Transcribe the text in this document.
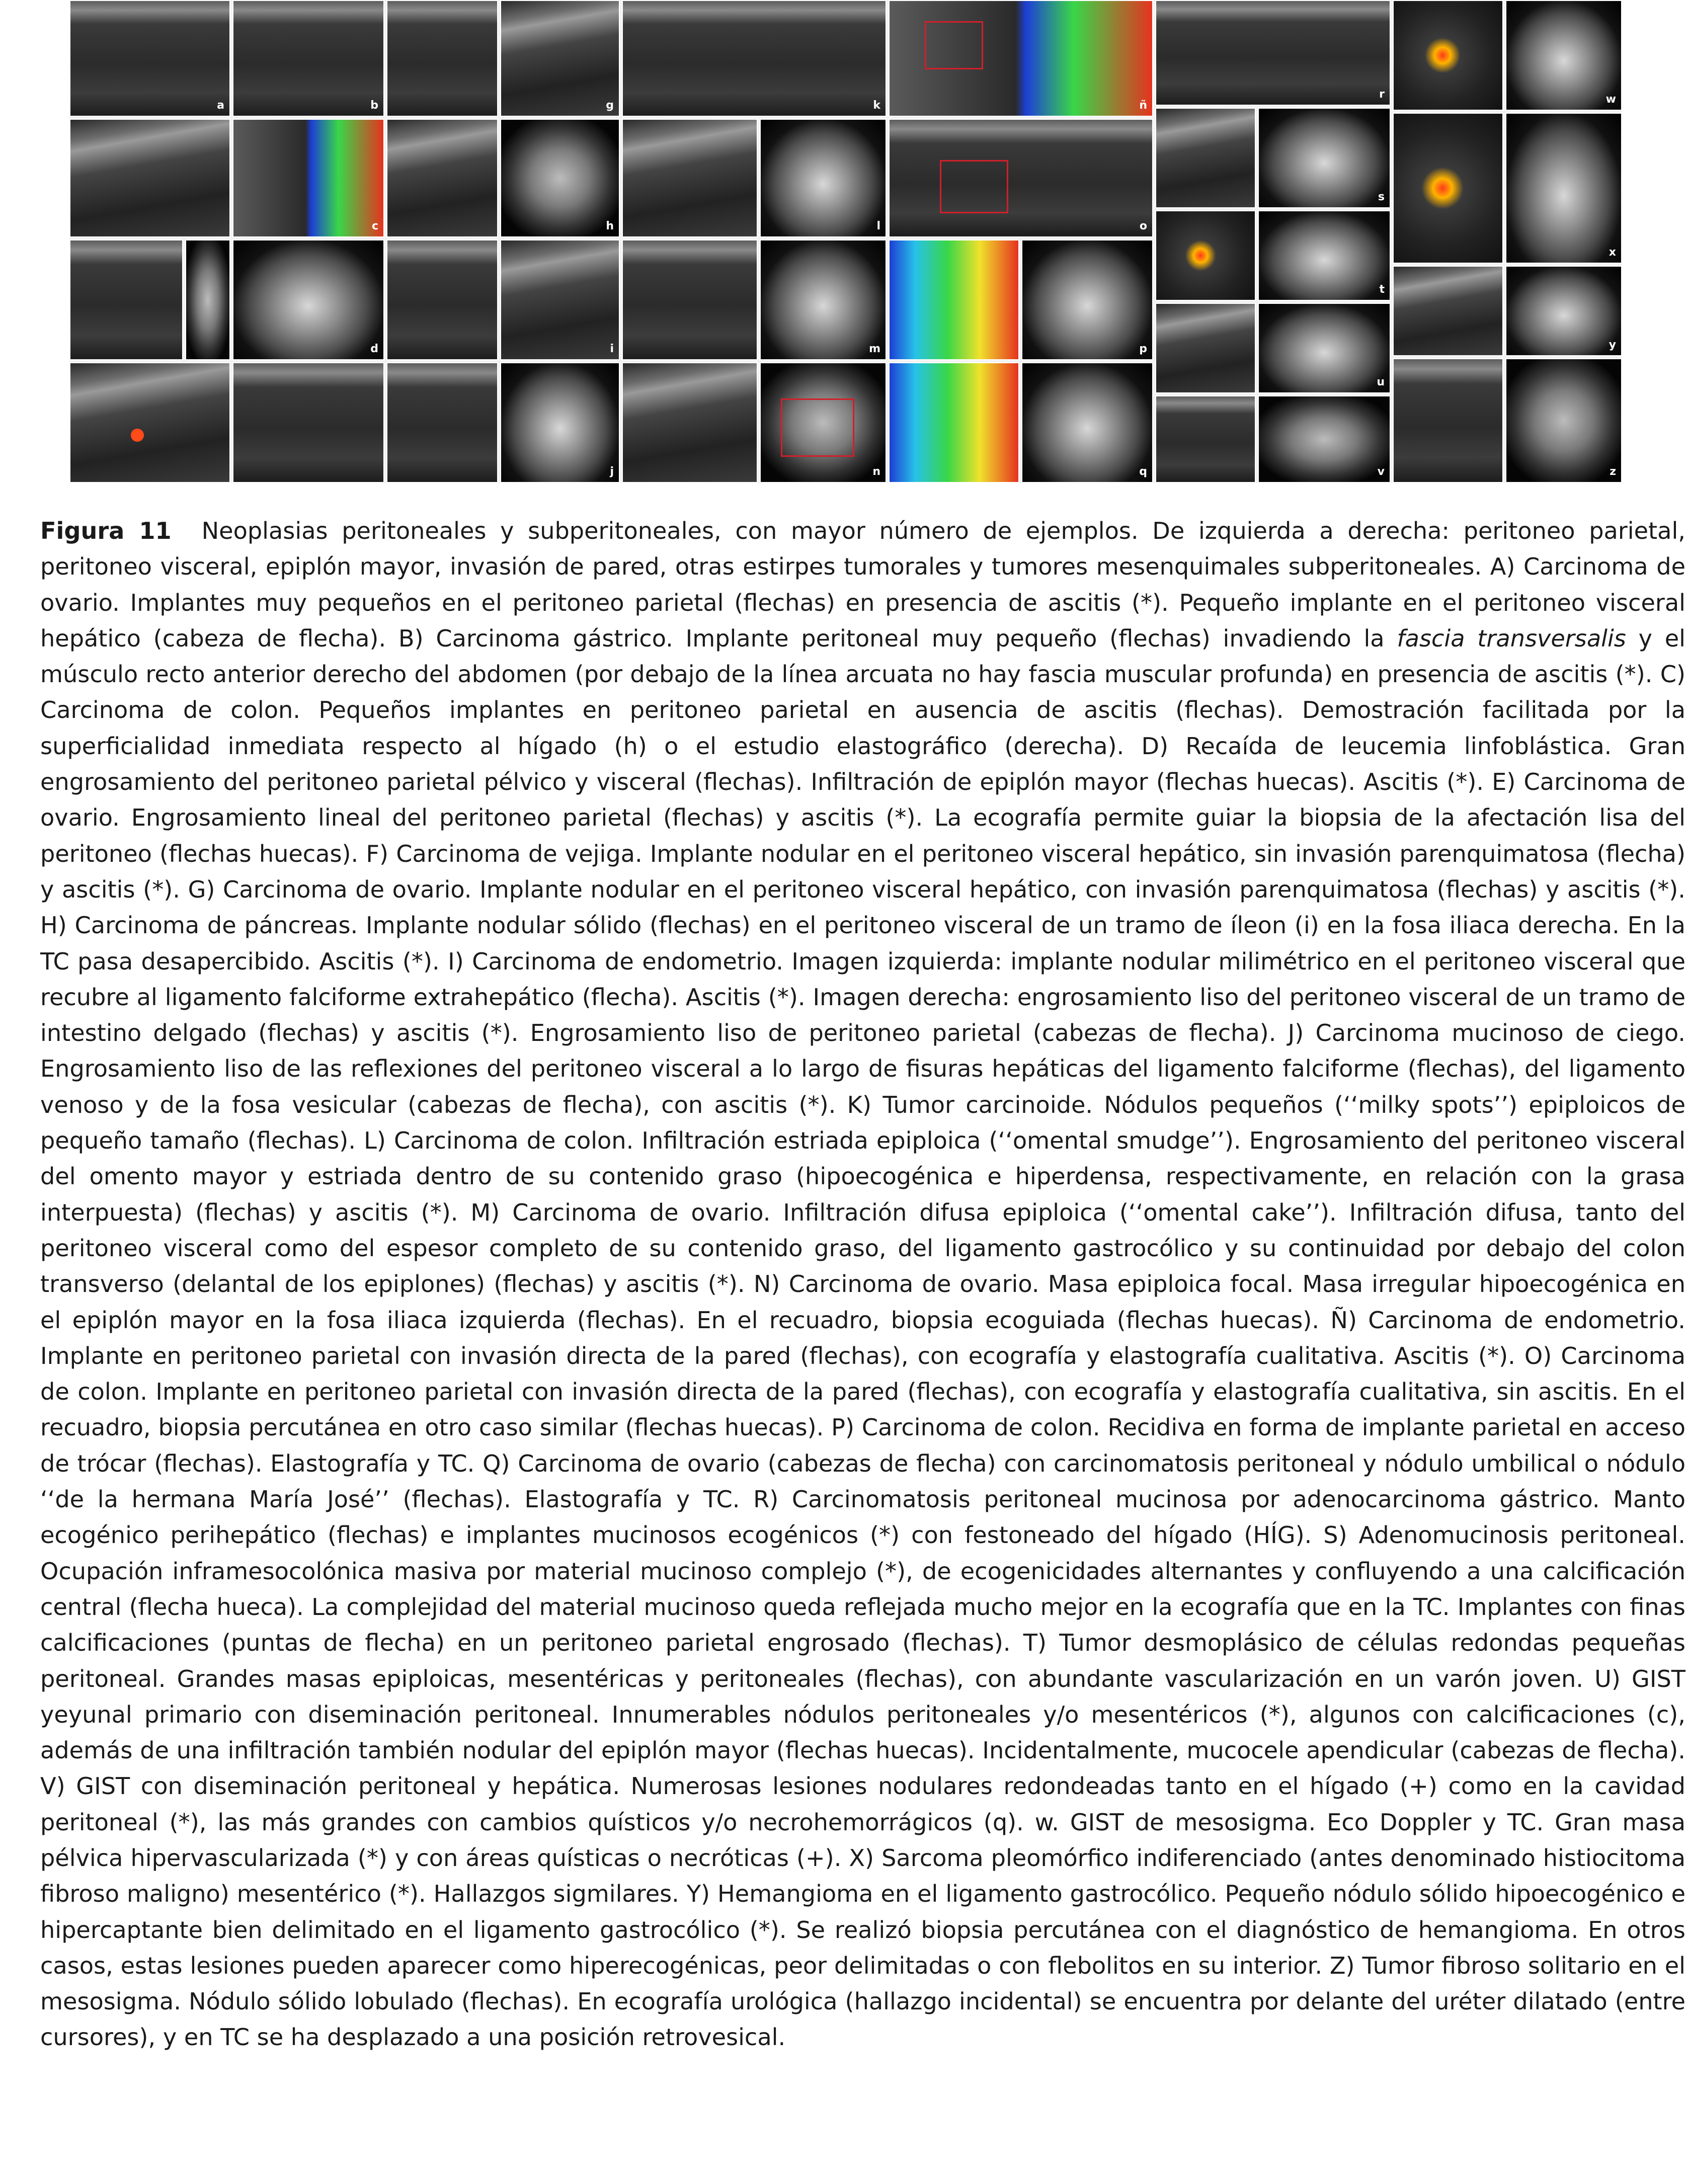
a	b
c
d
g
h
i
j
k
l
m
n
ñ
o
p
q
r
s
t
u
v
w
x
y
z
Figura 11 Neoplasias peritoneales y subperitoneales, con mayor número de ejemplos. De izquierda a derecha: peritoneo parietal, peritoneo visceral, epiplón mayor, invasión de pared, otras estirpes tumorales y tumores mesenquimales subperitoneales. A) Carcinoma de ovario. Implantes muy pequeños en el peritoneo parietal (flechas) en presencia de ascitis (*). Pequeño implante en el peritoneo visceral hepático (cabeza de flecha). B) Carcinoma gástrico. Implante peritoneal muy pequeño (flechas) invadiendo la fascia transversalis y el músculo recto anterior derecho del abdomen (por debajo de la línea arcuata no hay fascia muscular profunda) en presencia de ascitis (*). C) Carcinoma de colon. Pequeños implantes en peritoneo parietal en ausencia de ascitis (flechas). Demostración facilitada por la superficialidad inmediata respecto al hígado (h) o el estudio elastográfico (derecha). D) Recaída de leucemia linfoblástica. Gran engrosamiento del peritoneo parietal pélvico y visceral (flechas). Infiltración de epiplón mayor (flechas huecas). Ascitis (*). E) Carcinoma de ovario. Engrosamiento lineal del peritoneo parietal (flechas) y ascitis (*). La ecografía permite guiar la biopsia de la afectación lisa del peritoneo (flechas huecas). F) Carcinoma de vejiga. Implante nodular en el peritoneo visceral hepático, sin invasión parenquimatosa (flecha) y ascitis (*). G) Carcinoma de ovario. Implante nodular en el peritoneo visceral hepático, con invasión parenquimatosa (flechas) y ascitis (*). H) Carcinoma de páncreas. Implante nodular sólido (flechas) en el peritoneo visceral de un tramo de íleon (i) en la fosa iliaca derecha. En la TC pasa desapercibido. Ascitis (*). I) Carcinoma de endometrio. Imagen izquierda: implante nodular milimétrico en el peritoneo visceral que recubre al ligamento falciforme extrahepático (flecha). Ascitis (*). Imagen derecha: engrosamiento liso del peritoneo visceral de un tramo de intestino delgado (flechas) y ascitis (*). Engrosamiento liso de peritoneo parietal (cabezas de flecha). J) Carcinoma mucinoso de ciego. Engrosamiento liso de las reflexiones del peritoneo visceral a lo largo de fisuras hepáticas del ligamento falciforme (flechas), del ligamento venoso y de la fosa vesicular (cabezas de flecha), con ascitis (*). K) Tumor carcinoide. Nódulos pequeños (‘‘milky spots’’) epiploicos de pequeño tamaño (flechas). L) Carcinoma de colon. Infiltración estriada epiploica (‘‘omental smudge’’). Engrosamiento del peritoneo visceral del omento mayor y estriada dentro de su contenido graso (hipoecogénica e hiperdensa, respectivamente, en relación con la grasa interpuesta) (flechas) y ascitis (*). M) Carcinoma de ovario. Infiltración difusa epiploica (‘‘omental cake’’). Infiltración difusa, tanto del peritoneo visceral como del espesor completo de su contenido graso, del ligamento gastrocólico y su continuidad por debajo del colon transverso (delantal de los epiplones) (flechas) y ascitis (*). N) Carcinoma de ovario. Masa epiploica focal. Masa irregular hipoecogénica en el epiplón mayor en la fosa iliaca izquierda (flechas). En el recuadro, biopsia ecoguiada (flechas huecas). Ñ) Carcinoma de endometrio. Implante en peritoneo parietal con invasión directa de la pared (flechas), con ecografía y elastografía cualitativa. Ascitis (*). O) Carcinoma de colon. Implante en peritoneo parietal con invasión directa de la pared (flechas), con ecografía y elastografía cualitativa, sin ascitis. En el recuadro, biopsia percutánea en otro caso similar (flechas huecas). P) Carcinoma de colon. Recidiva en forma de implante parietal en acceso de trócar (flechas). Elastografía y TC. Q) Carcinoma de ovario (cabezas de flecha) con carcinomatosis peritoneal y nódulo umbilical o nódulo ‘‘de la hermana María José’’ (flechas). Elastografía y TC. R) Carcinomatosis peritoneal mucinosa por adenocarcinoma gástrico. Manto ecogénico perihepático (flechas) e implantes mucinosos ecogénicos (*) con festoneado del hígado (HÍG). S) Adenomucinosis peritoneal. Ocupación inframesocolónica masiva por material mucinoso complejo (*), de ecogenicidades alternantes y confluyendo a una calcificación central (flecha hueca). La complejidad del material mucinoso queda reflejada mucho mejor en la ecografía que en la TC. Implantes con finas calcificaciones (puntas de flecha) en un peritoneo parietal engrosado (flechas). T) Tumor desmoplásico de células redondas pequeñas peritoneal. Grandes masas epiploicas, mesentéricas y peritoneales (flechas), con abundante vascularización en un varón joven. U) GIST yeyunal primario con diseminación peritoneal. Innumerables nódulos peritoneales y/o mesentéricos (*), algunos con calcificaciones (c), además de una infiltración también nodular del epiplón mayor (flechas huecas). Incidentalmente, mucocele apendicular (cabezas de flecha). V) GIST con diseminación peritoneal y hepática. Numerosas lesiones nodulares redondeadas tanto en el hígado (+) como en la cavidad peritoneal (*), las más grandes con cambios quísticos y/o necrohemorrágicos (q). w. GIST de mesosigma. Eco Doppler y TC. Gran masa pélvica hipervascularizada (*) y con áreas quísticas o necróticas (+). X) Sarcoma pleomórfico indiferenciado (antes denominado histiocitoma fibroso maligno) mesentérico (*). Hallazgos sigmilares. Y) Hemangioma en el ligamento gastrocólico. Pequeño nódulo sólido hipoecogénico e hipercaptante bien delimitado en el ligamento gastrocólico (*). Se realizó biopsia percutánea con el diagnóstico de hemangioma. En otros casos, estas lesiones pueden aparecer como hiperecogénicas, peor delimitadas o con flebolitos en su interior. Z) Tumor fibroso solitario en el mesosigma. Nódulo sólido lobulado (flechas). En ecografía urológica (hallazgo incidental) se encuentra por delante del uréter dilatado (entre cursores), y en TC se ha desplazado a una posición retrovesical.
